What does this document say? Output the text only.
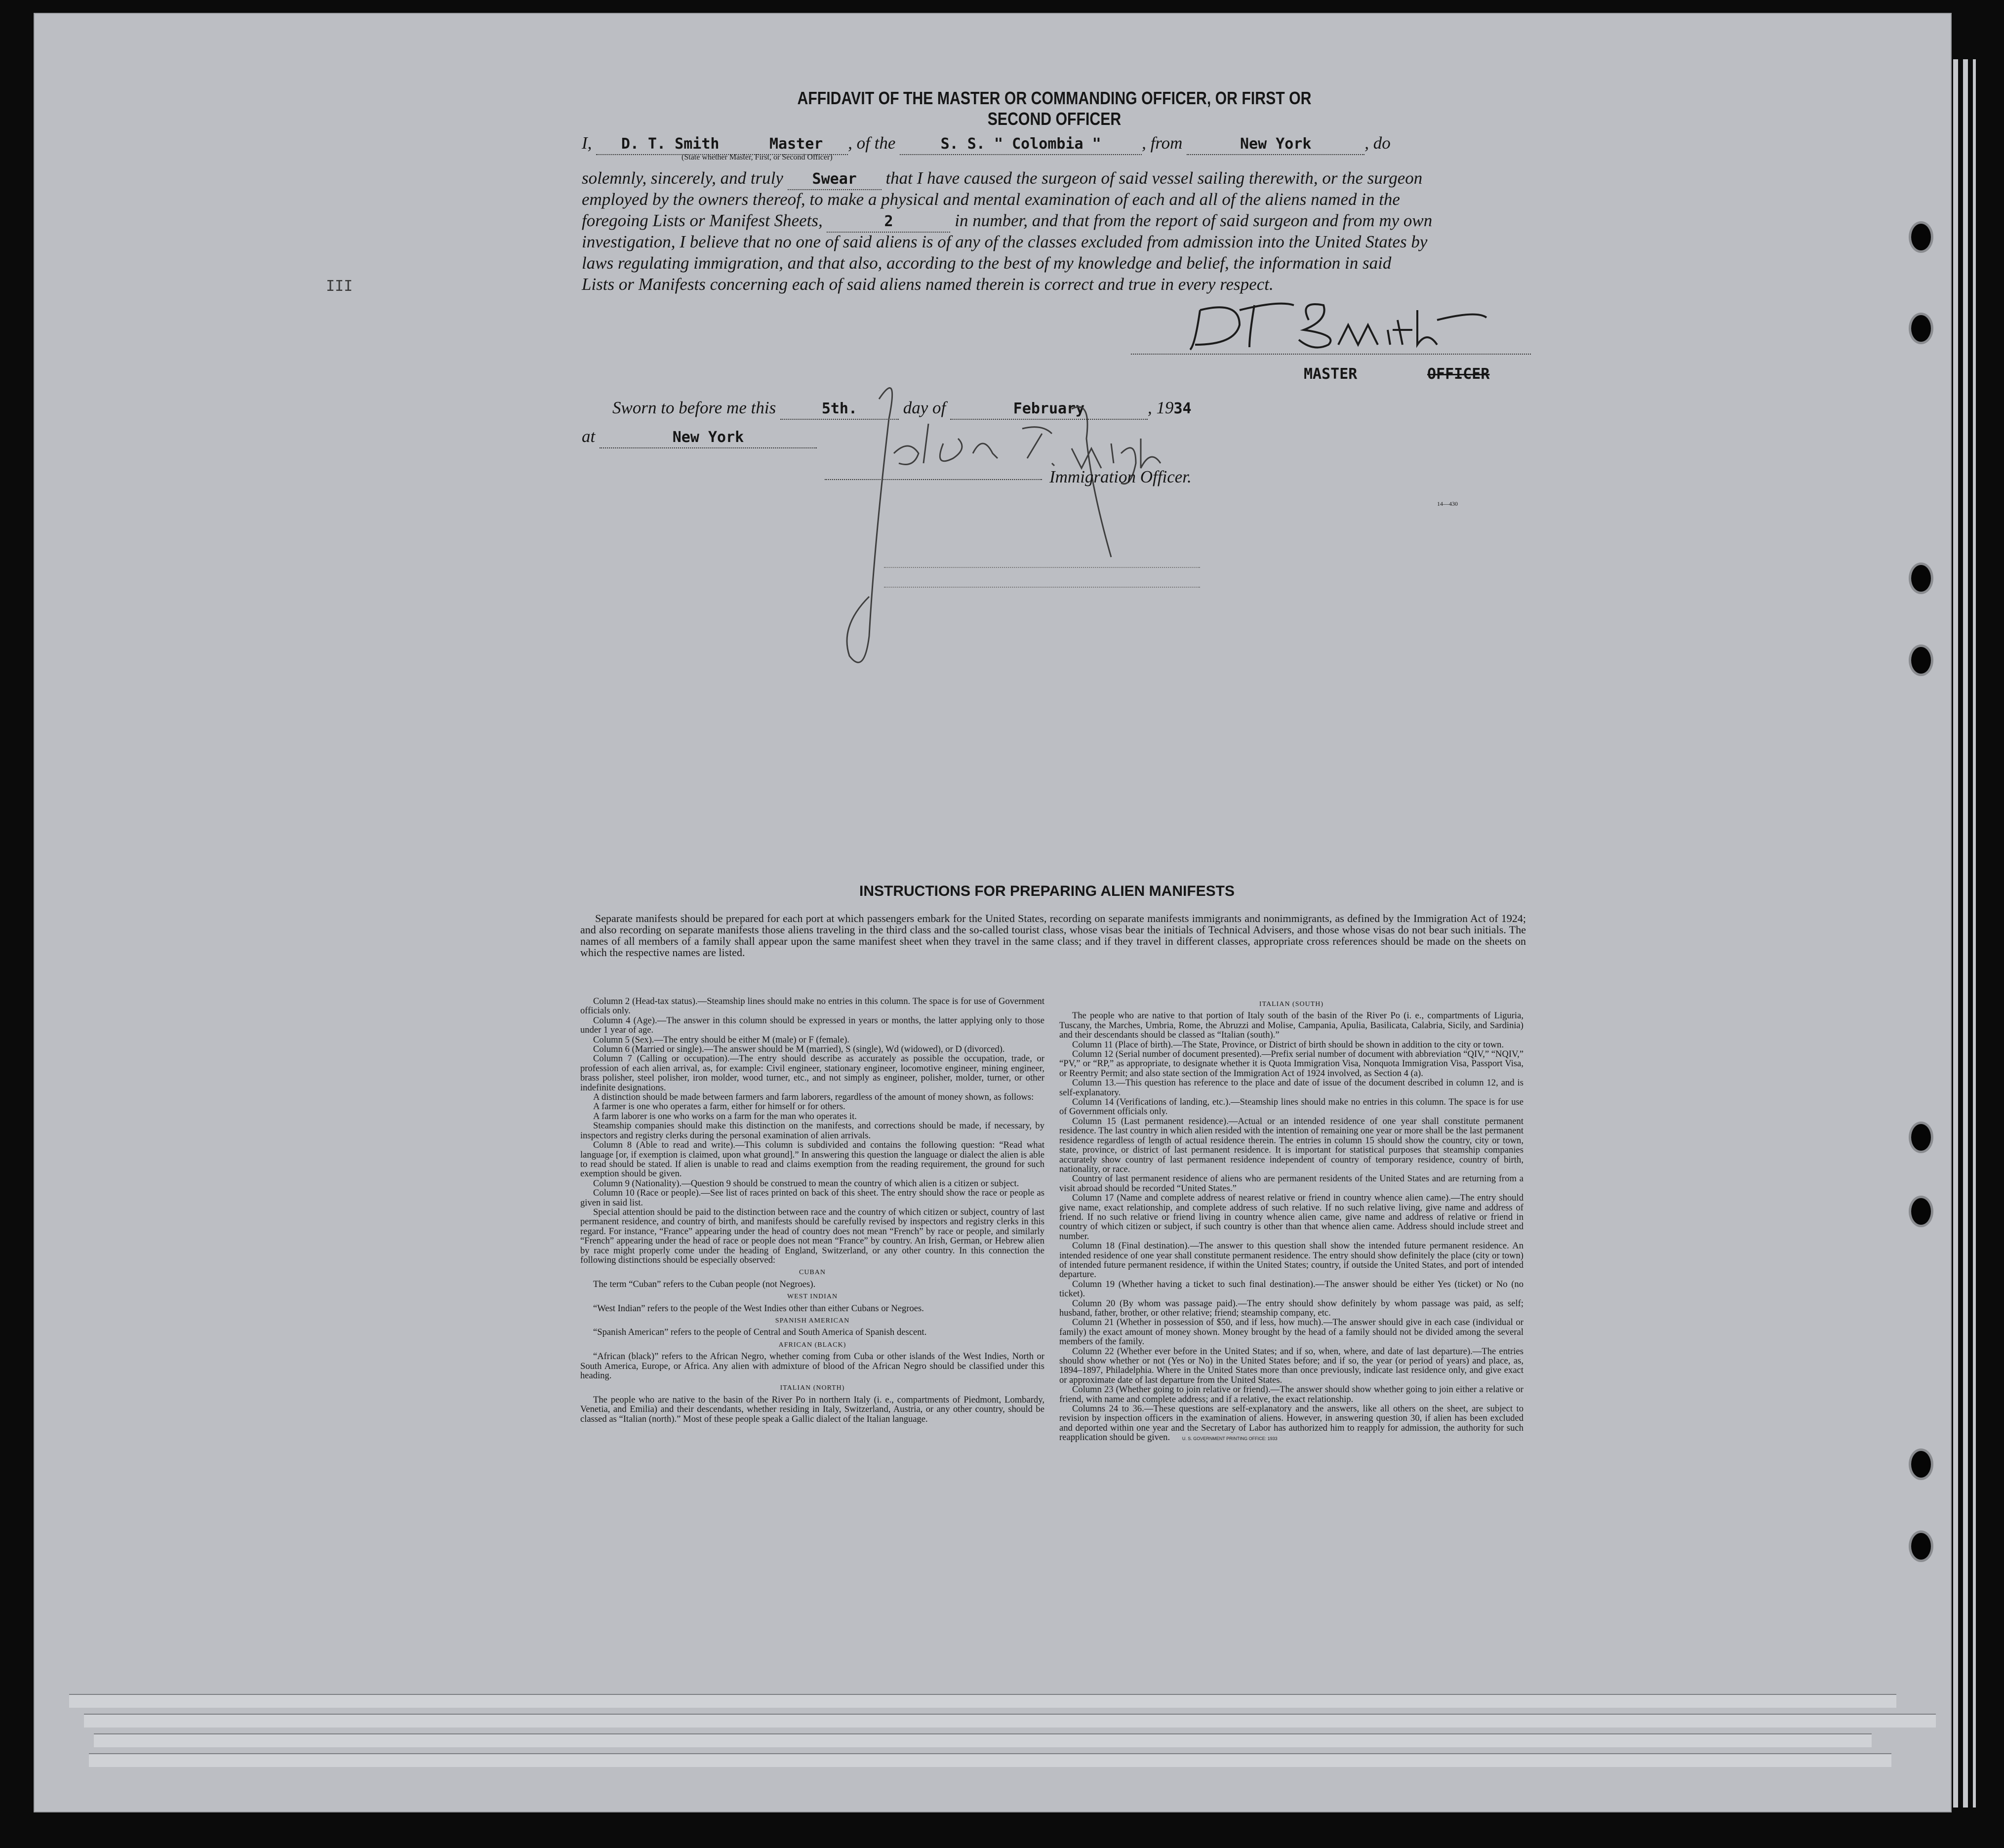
III
AFFIDAVIT OF THE MASTER OR COMMANDING OFFICER, OR FIRST OR SECOND OFFICER
I, D. T. Smith	Master , of the	S. S. " Colombia " , from	New York	, do
(State whether Master, First, or Second Officer)
solemnly, sincerely, and truly Swear that I have caused the surgeon of said vessel sailing therewith, or the surgeon
employed by the owners thereof, to make a physical and mental examination of each and all of the aliens named in the
foregoing Lists or Manifest Sheets,	2	in number, and that from the report of said surgeon and from my own
investigation, I believe that no one of said aliens is of any of the classes excluded from admission into the United States by
laws regulating immigration, and that also, according to the best of my knowledge and belief, the information in said
Lists or Manifests concerning each of said aliens named therein is correct and true in every respect.
MASTER	OFFICER
Sworn to before me this	5th.	day of	February	, 1934
at	New York
Immigration Officer.
14—430
INSTRUCTIONS FOR PREPARING ALIEN MANIFESTS
Separate manifests should be prepared for each port at which passengers embark for the United States, recording on separate manifests immigrants and nonimmigrants, as defined by the Immigration Act of 1924; and also recording on separate manifests those aliens traveling in the third class and the so-called tourist class, whose visas bear the initials of Technical Advisers, and those whose visas do not bear such initials. The names of all members of a family shall appear upon the same manifest sheet when they travel in the same class; and if they travel in different classes, appropriate cross references should be made on the sheets on which the respective names are listed.

Column 2 (Head-tax status).—Steamship lines should make no entries in this column. The space is for use of Government officials only.

Column 4 (Age).—The answer in this column should be expressed in years or months, the latter applying only to those under 1 year of age.

Column 5 (Sex).—The entry should be either M (male) or F (female).

Column 6 (Married or single).—The answer should be M (married), S (single), Wd (widowed), or D (divorced).

Column 7 (Calling or occupation).—The entry should describe as accurately as possible the occupation, trade, or profession of each alien arrival, as, for example: Civil engineer, stationary engineer, locomotive engineer, mining engineer, brass polisher, steel polisher, iron molder, wood turner, etc., and not simply as engineer, polisher, molder, turner, or other indefinite designations.

A distinction should be made between farmers and farm laborers, regardless of the amount of money shown, as follows:

A farmer is one who operates a farm, either for himself or for others.

A farm laborer is one who works on a farm for the man who operates it.

Steamship companies should make this distinction on the manifests, and corrections should be made, if necessary, by inspectors and registry clerks during the personal examination of alien arrivals.

Column 8 (Able to read and write).—This column is subdivided and contains the following question: “Read what language [or, if exemption is claimed, upon what ground].” In answering this question the language or dialect the alien is able to read should be stated. If alien is unable to read and claims exemption from the reading requirement, the ground for such exemption should be given.

Column 9 (Nationality).—Question 9 should be construed to mean the country of which alien is a citizen or subject.

Column 10 (Race or people).—See list of races printed on back of this sheet. The entry should show the race or people as given in said list.

Special attention should be paid to the distinction between race and the country of which citizen or subject, country of last permanent residence, and country of birth, and manifests should be carefully revised by inspectors and registry clerks in this regard. For instance, “France” appearing under the head of country does not mean “French” by race or people, and similarly “French” appearing under the head of race or people does not mean “France” by country. An Irish, German, or Hebrew alien by race might properly come under the heading of England, Switzerland, or any other country. In this connection the following distinctions should be especially observed:

CUBAN

The term “Cuban” refers to the Cuban people (not Negroes).

WEST INDIAN

“West Indian” refers to the people of the West Indies other than either Cubans or Negroes.

SPANISH AMERICAN

“Spanish American” refers to the people of Central and South America of Spanish descent.

AFRICAN (BLACK)

“African (black)” refers to the African Negro, whether coming from Cuba or other islands of the West Indies, North or South America, Europe, or Africa. Any alien with admixture of blood of the African Negro should be classified under this heading.

ITALIAN (NORTH)

The people who are native to the basin of the River Po in northern Italy (i. e., compartments of Piedmont, Lombardy, Venetia, and Emilia) and their descendants, whether residing in Italy, Switzerland, Austria, or any other country, should be classed as “Italian (north).” Most of these people speak a Gallic dialect of the Italian language.

ITALIAN (SOUTH)

The people who are native to that portion of Italy south of the basin of the River Po (i. e., compartments of Liguria, Tuscany, the Marches, Umbria, Rome, the Abruzzi and Molise, Campania, Apulia, Basilicata, Calabria, Sicily, and Sardinia) and their descendants should be classed as “Italian (south).”

Column 11 (Place of birth).—The State, Province, or District of birth should be shown in addition to the city or town.

Column 12 (Serial number of document presented).—Prefix serial number of document with abbreviation “QIV,” “NQIV,” “PV,” or “RP,” as appropriate, to designate whether it is Quota Immigration Visa, Nonquota Immigration Visa, Passport Visa, or Reentry Permit; and also state section of the Immigration Act of 1924 involved, as Section 4 (a).

Column 13.—This question has reference to the place and date of issue of the document described in column 12, and is self-explanatory.

Column 14 (Verifications of landing, etc.).—Steamship lines should make no entries in this column. The space is for use of Government officials only.

Column 15 (Last permanent residence).—Actual or an intended residence of one year shall constitute permanent residence. The last country in which alien resided with the intention of remaining one year or more shall be the last permanent residence regardless of length of actual residence therein. The entries in column 15 should show the country, city or town, state, province, or district of last permanent residence. It is important for statistical purposes that steamship companies accurately show country of last permanent residence independent of country of temporary residence, country of birth, nationality, or race.

Country of last permanent residence of aliens who are permanent residents of the United States and are returning from a visit abroad should be recorded “United States.”

Column 17 (Name and complete address of nearest relative or friend in country whence alien came).—The entry should give name, exact relationship, and complete address of such relative. If no such relative living, give name and address of friend. If no such relative or friend living in country whence alien came, give name and address of relative or friend in country of which citizen or subject, if such country is other than that whence alien came. Address should include street and number.

Column 18 (Final destination).—The answer to this question shall show the intended future permanent residence. An intended residence of one year shall constitute permanent residence. The entry should show definitely the place (city or town) of intended future permanent residence, if within the United States; country, if outside the United States, and port of intended departure.

Column 19 (Whether having a ticket to such final destination).—The answer should be either Yes (ticket) or No (no ticket).

Column 20 (By whom was passage paid).—The entry should show definitely by whom passage was paid, as self; husband, father, brother, or other relative; friend; steamship company, etc.

Column 21 (Whether in possession of $50, and if less, how much).—The answer should give in each case (individual or family) the exact amount of money shown. Money brought by the head of a family should not be divided among the several members of the family.

Column 22 (Whether ever before in the United States; and if so, when, where, and date of last departure).—The entries should show whether or not (Yes or No) in the United States before; and if so, the year (or period of years) and place, as, 1894–1897, Philadelphia. Where in the United States more than once previously, indicate last residence only, and give exact or approximate date of last departure from the United States.

Column 23 (Whether going to join relative or friend).—The answer should show whether going to join either a relative or friend, with name and complete address; and if a relative, the exact relationship.

Columns 24 to 36.—These questions are self-explanatory and the answers, like all others on the sheet, are subject to revision by inspection officers in the examination of aliens. However, in answering question 30, if alien has been excluded and deported within one year and the Secretary of Labor has authorized him to reapply for admission, the authority for such reapplication should be given.	U. S. GOVERNMENT PRINTING OFFICE: 1933
